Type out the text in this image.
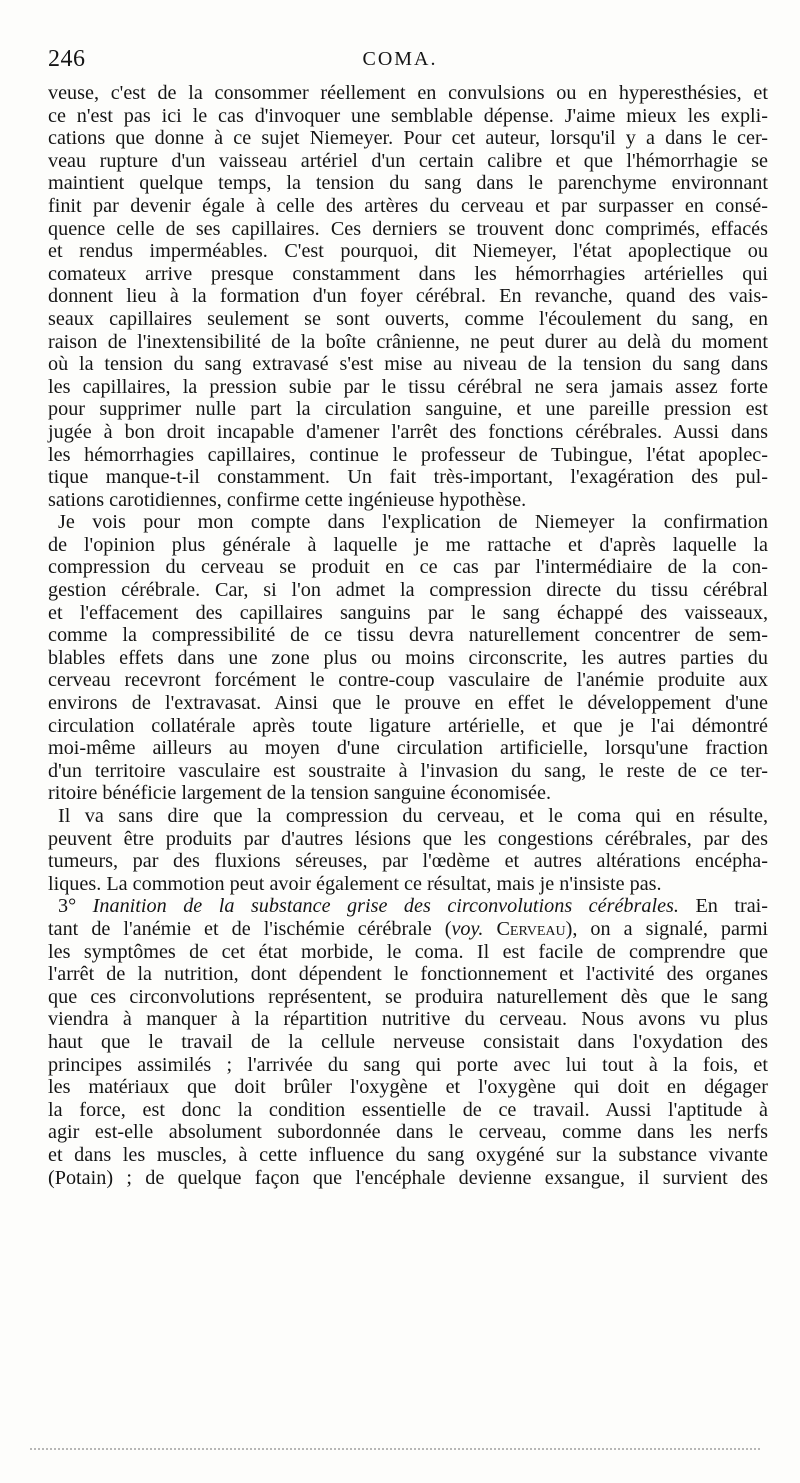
246	COMA.
veuse, c'est de la consommer réellement en convulsions ou en hyperesthésies, et
ce n'est pas ici le cas d'invoquer une semblable dépense. J'aime mieux les expli-
cations que donne à ce sujet Niemeyer. Pour cet auteur, lorsqu'il y a dans le cer-
veau rupture d'un vaisseau artériel d'un certain calibre et que l'hémorrhagie se
maintient quelque temps, la tension du sang dans le parenchyme environnant
finit par devenir égale à celle des artères du cerveau et par surpasser en consé-
quence celle de ses capillaires. Ces derniers se trouvent donc comprimés, effacés
et rendus imperméables. C'est pourquoi, dit Niemeyer, l'état apoplectique ou
comateux arrive presque constamment dans les hémorrhagies artérielles qui
donnent lieu à la formation d'un foyer cérébral. En revanche, quand des vais-
seaux capillaires seulement se sont ouverts, comme l'écoulement du sang, en
raison de l'inextensibilité de la boîte crânienne, ne peut durer au delà du moment
où la tension du sang extravasé s'est mise au niveau de la tension du sang dans
les capillaires, la pression subie par le tissu cérébral ne sera jamais assez forte
pour supprimer nulle part la circulation sanguine, et une pareille pression est
jugée à bon droit incapable d'amener l'arrêt des fonctions cérébrales. Aussi dans
les hémorrhagies capillaires, continue le professeur de Tubingue, l'état apoplec-
tique manque-t-il constamment. Un fait très-important, l'exagération des pul-
sations carotidiennes, confirme cette ingénieuse hypothèse.
Je vois pour mon compte dans l'explication de Niemeyer la confirmation
de l'opinion plus générale à laquelle je me rattache et d'après laquelle la
compression du cerveau se produit en ce cas par l'intermédiaire de la con-
gestion cérébrale. Car, si l'on admet la compression directe du tissu cérébral
et l'effacement des capillaires sanguins par le sang échappé des vaisseaux,
comme la compressibilité de ce tissu devra naturellement concentrer de sem-
blables effets dans une zone plus ou moins circonscrite, les autres parties du
cerveau recevront forcément le contre-coup vasculaire de l'anémie produite aux
environs de l'extravasat. Ainsi que le prouve en effet le développement d'une
circulation collatérale après toute ligature artérielle, et que je l'ai démontré
moi-même ailleurs au moyen d'une circulation artificielle, lorsqu'une fraction
d'un territoire vasculaire est soustraite à l'invasion du sang, le reste de ce ter-
ritoire bénéficie largement de la tension sanguine économisée.
Il va sans dire que la compression du cerveau, et le coma qui en résulte,
peuvent être produits par d'autres lésions que les congestions cérébrales, par des
tumeurs, par des fluxions séreuses, par l'œdème et autres altérations encépha-
liques. La commotion peut avoir également ce résultat, mais je n'insiste pas.
3° Inanition de la substance grise des circonvolutions cérébrales. En trai-
tant de l'anémie et de l'ischémie cérébrale (voy. Cerveau), on a signalé, parmi
les symptômes de cet état morbide, le coma. Il est facile de comprendre que
l'arrêt de la nutrition, dont dépendent le fonctionnement et l'activité des organes
que ces circonvolutions représentent, se produira naturellement dès que le sang
viendra à manquer à la répartition nutritive du cerveau. Nous avons vu plus
haut que le travail de la cellule nerveuse consistait dans l'oxydation des
principes assimilés ; l'arrivée du sang qui porte avec lui tout à la fois, et
les matériaux que doit brûler l'oxygène et l'oxygène qui doit en dégager
la force, est donc la condition essentielle de ce travail. Aussi l'aptitude à
agir est-elle absolument subordonnée dans le cerveau, comme dans les nerfs
et dans les muscles, à cette influence du sang oxygéné sur la substance vivante
(Potain) ; de quelque façon que l'encéphale devienne exsangue, il survient des
